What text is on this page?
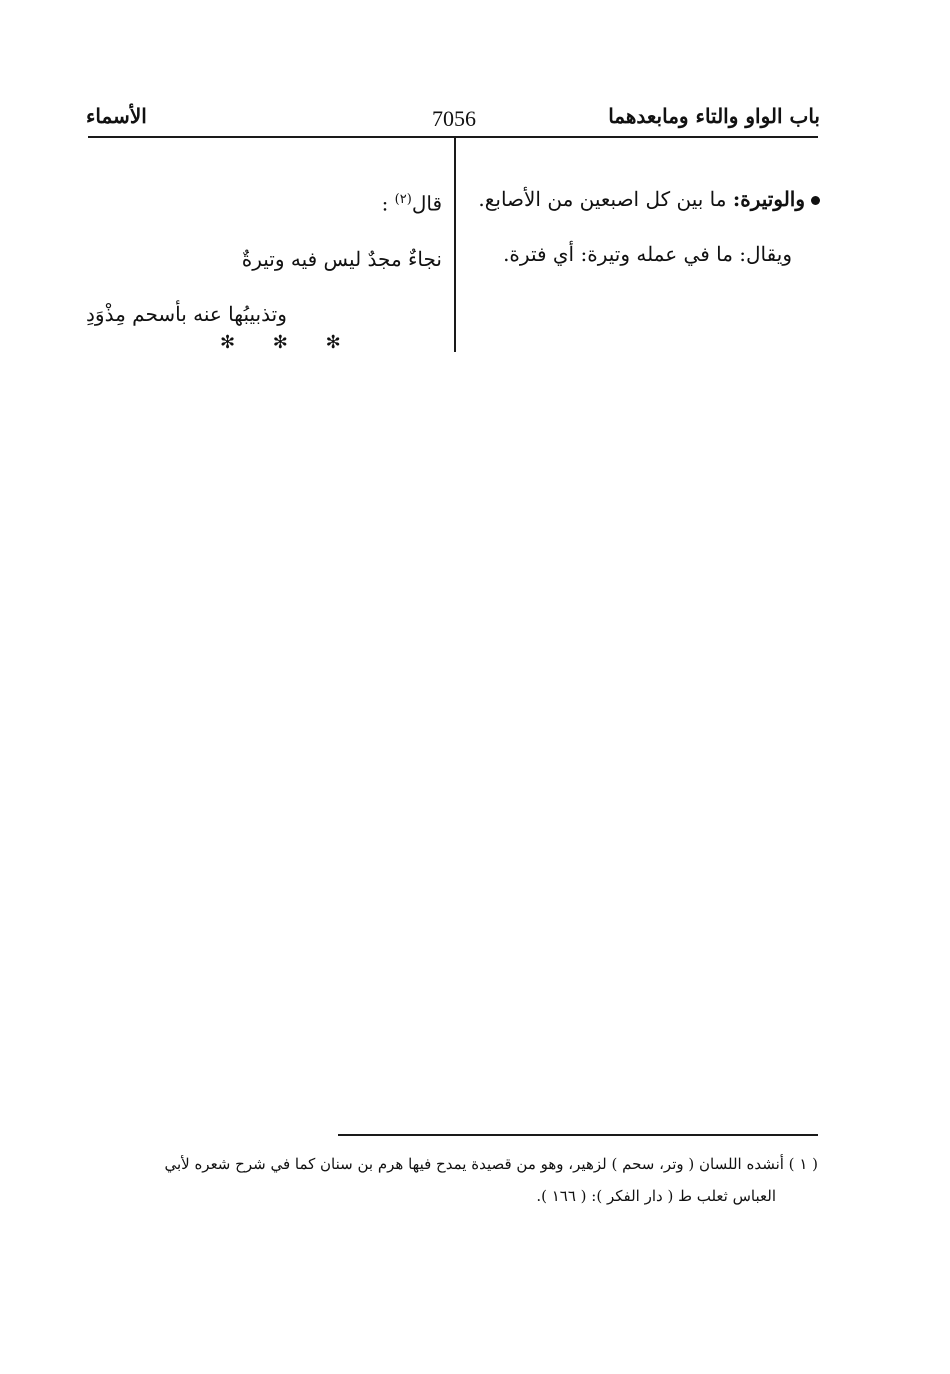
باب الواو والتاء ومابعدهما
7056
الأسماء

والوتيرة: ما بين كل اصبعين من الأصابع.

ويقال: ما في عمله وتيرة: أي فترة.

قال$^{(٢)}$ :
نجاءٌ مجدٌ ليس فيه وتيرةٌ
وتذبيبُها عنه بأسحم مِذْوَدِ
✻ ✻ ✻

( ١ ) أنشده اللسان ( وتر، سحم ) لزهير، وهو من قصيدة يمدح فيها هرم بن سنان كما في شرح شعره لأبي

العباس ثعلب ط ( دار الفكر ): ( ١٦٦ ).
